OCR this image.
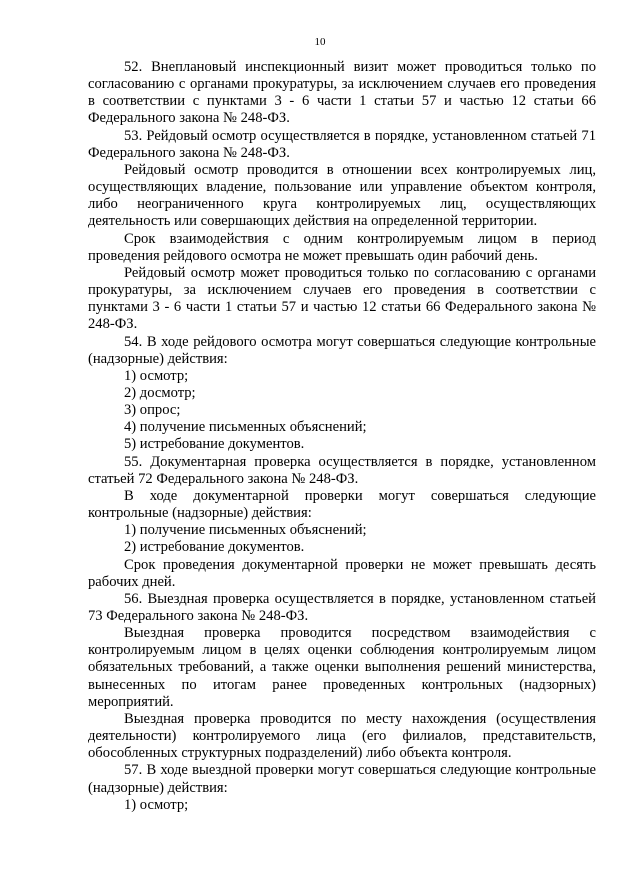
10

52. Внеплановый инспекционный визит может проводиться только по согласованию с органами прокуратуры, за исключением случаев его проведения в соответствии с пунктами 3 - 6 части 1 статьи 57 и частью 12 статьи 66 Федерального закона № 248-ФЗ.

53. Рейдовый осмотр осуществляется в порядке, установленном статьей 71 Федерального закона № 248-ФЗ.

Рейдовый осмотр проводится в отношении всех контролируемых лиц, осуществляющих владение, пользование или управление объектом контроля, либо неограниченного круга контролируемых лиц, осуществляющих деятельность или совершающих действия на определенной территории.

Срок взаимодействия с одним контролируемым лицом в период проведения рейдового осмотра не может превышать один рабочий день.

Рейдовый осмотр может проводиться только по согласованию с органами прокуратуры, за исключением случаев его проведения в соответствии с пунктами 3 - 6 части 1 статьи 57 и частью 12 статьи 66 Федерального закона № 248-ФЗ.

54. В ходе рейдового осмотра могут совершаться следующие контрольные (надзорные) действия:

1) осмотр;

2) досмотр;

3) опрос;

4) получение письменных объяснений;

5) истребование документов.

55. Документарная проверка осуществляется в порядке, установленном статьей 72 Федерального закона № 248-ФЗ.

В ходе документарной проверки могут совершаться следующие контрольные (надзорные) действия:

1) получение письменных объяснений;

2) истребование документов.

Срок проведения документарной проверки не может превышать десять рабочих дней.

56. Выездная проверка осуществляется в порядке, установленном статьей 73 Федерального закона № 248-ФЗ.

Выездная проверка проводится посредством взаимодействия с контролируемым лицом в целях оценки соблюдения контролируемым лицом обязательных требований, а также оценки выполнения решений министерства, вынесенных по итогам ранее проведенных контрольных (надзорных) мероприятий.

Выездная проверка проводится по месту нахождения (осуществления деятельности) контролируемого лица (его филиалов, представительств, обособленных структурных подразделений) либо объекта контроля.

57. В ходе выездной проверки могут совершаться следующие контрольные (надзорные) действия:

1) осмотр;
